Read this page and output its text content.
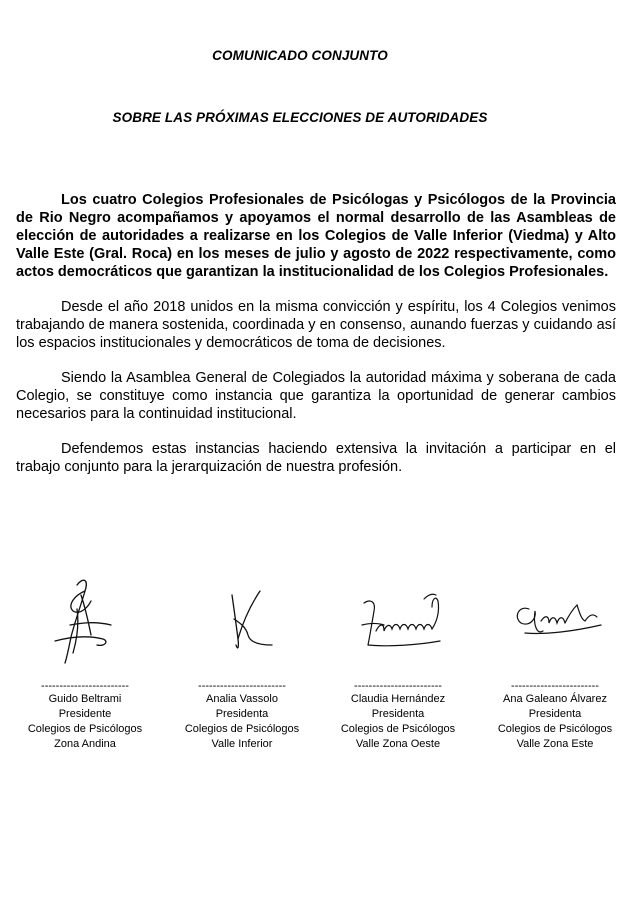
COMUNICADO CONJUNTO
SOBRE LAS PRÓXIMAS ELECCIONES DE AUTORIDADES

Los cuatro Colegios Profesionales de Psicólogas y Psicólogos de la Provincia de Rio Negro acompañamos y apoyamos el normal desarrollo de las Asambleas de elección de autoridades a realizarse en los Colegios de Valle Inferior (Viedma) y Alto Valle Este (Gral. Roca) en los meses de julio y agosto de 2022 respectivamente, como actos democráticos que garantizan la institucionalidad de los Colegios Profesionales.

Desde el año 2018 unidos en la misma convicción y espíritu, los 4 Colegios venimos trabajando de manera sostenida, coordinada y en consenso, aunando fuerzas y cuidando así los espacios institucionales y democráticos de toma de decisiones.

Siendo la Asamblea General de Colegiados la autoridad máxima y soberana de cada Colegio, se constituye como instancia que garantiza la oportunidad de generar cambios necesarios para la continuidad institucional.

Defendemos estas instancias haciendo extensiva la invitación a participar en el trabajo conjunto para la jerarquización de nuestra profesión.

------------------------
Guido Beltrami
Presidente
Colegios de Psicólogos
Zona Andina
------------------------
Analia Vassolo
Presidenta
Colegios de Psicólogos
Valle Inferior
------------------------
Claudia Hernández
Presidenta
Colegios de Psicólogos
Valle Zona Oeste
------------------------
Ana Galeano Álvarez
Presidenta
Colegios de Psicólogos
Valle Zona Este
